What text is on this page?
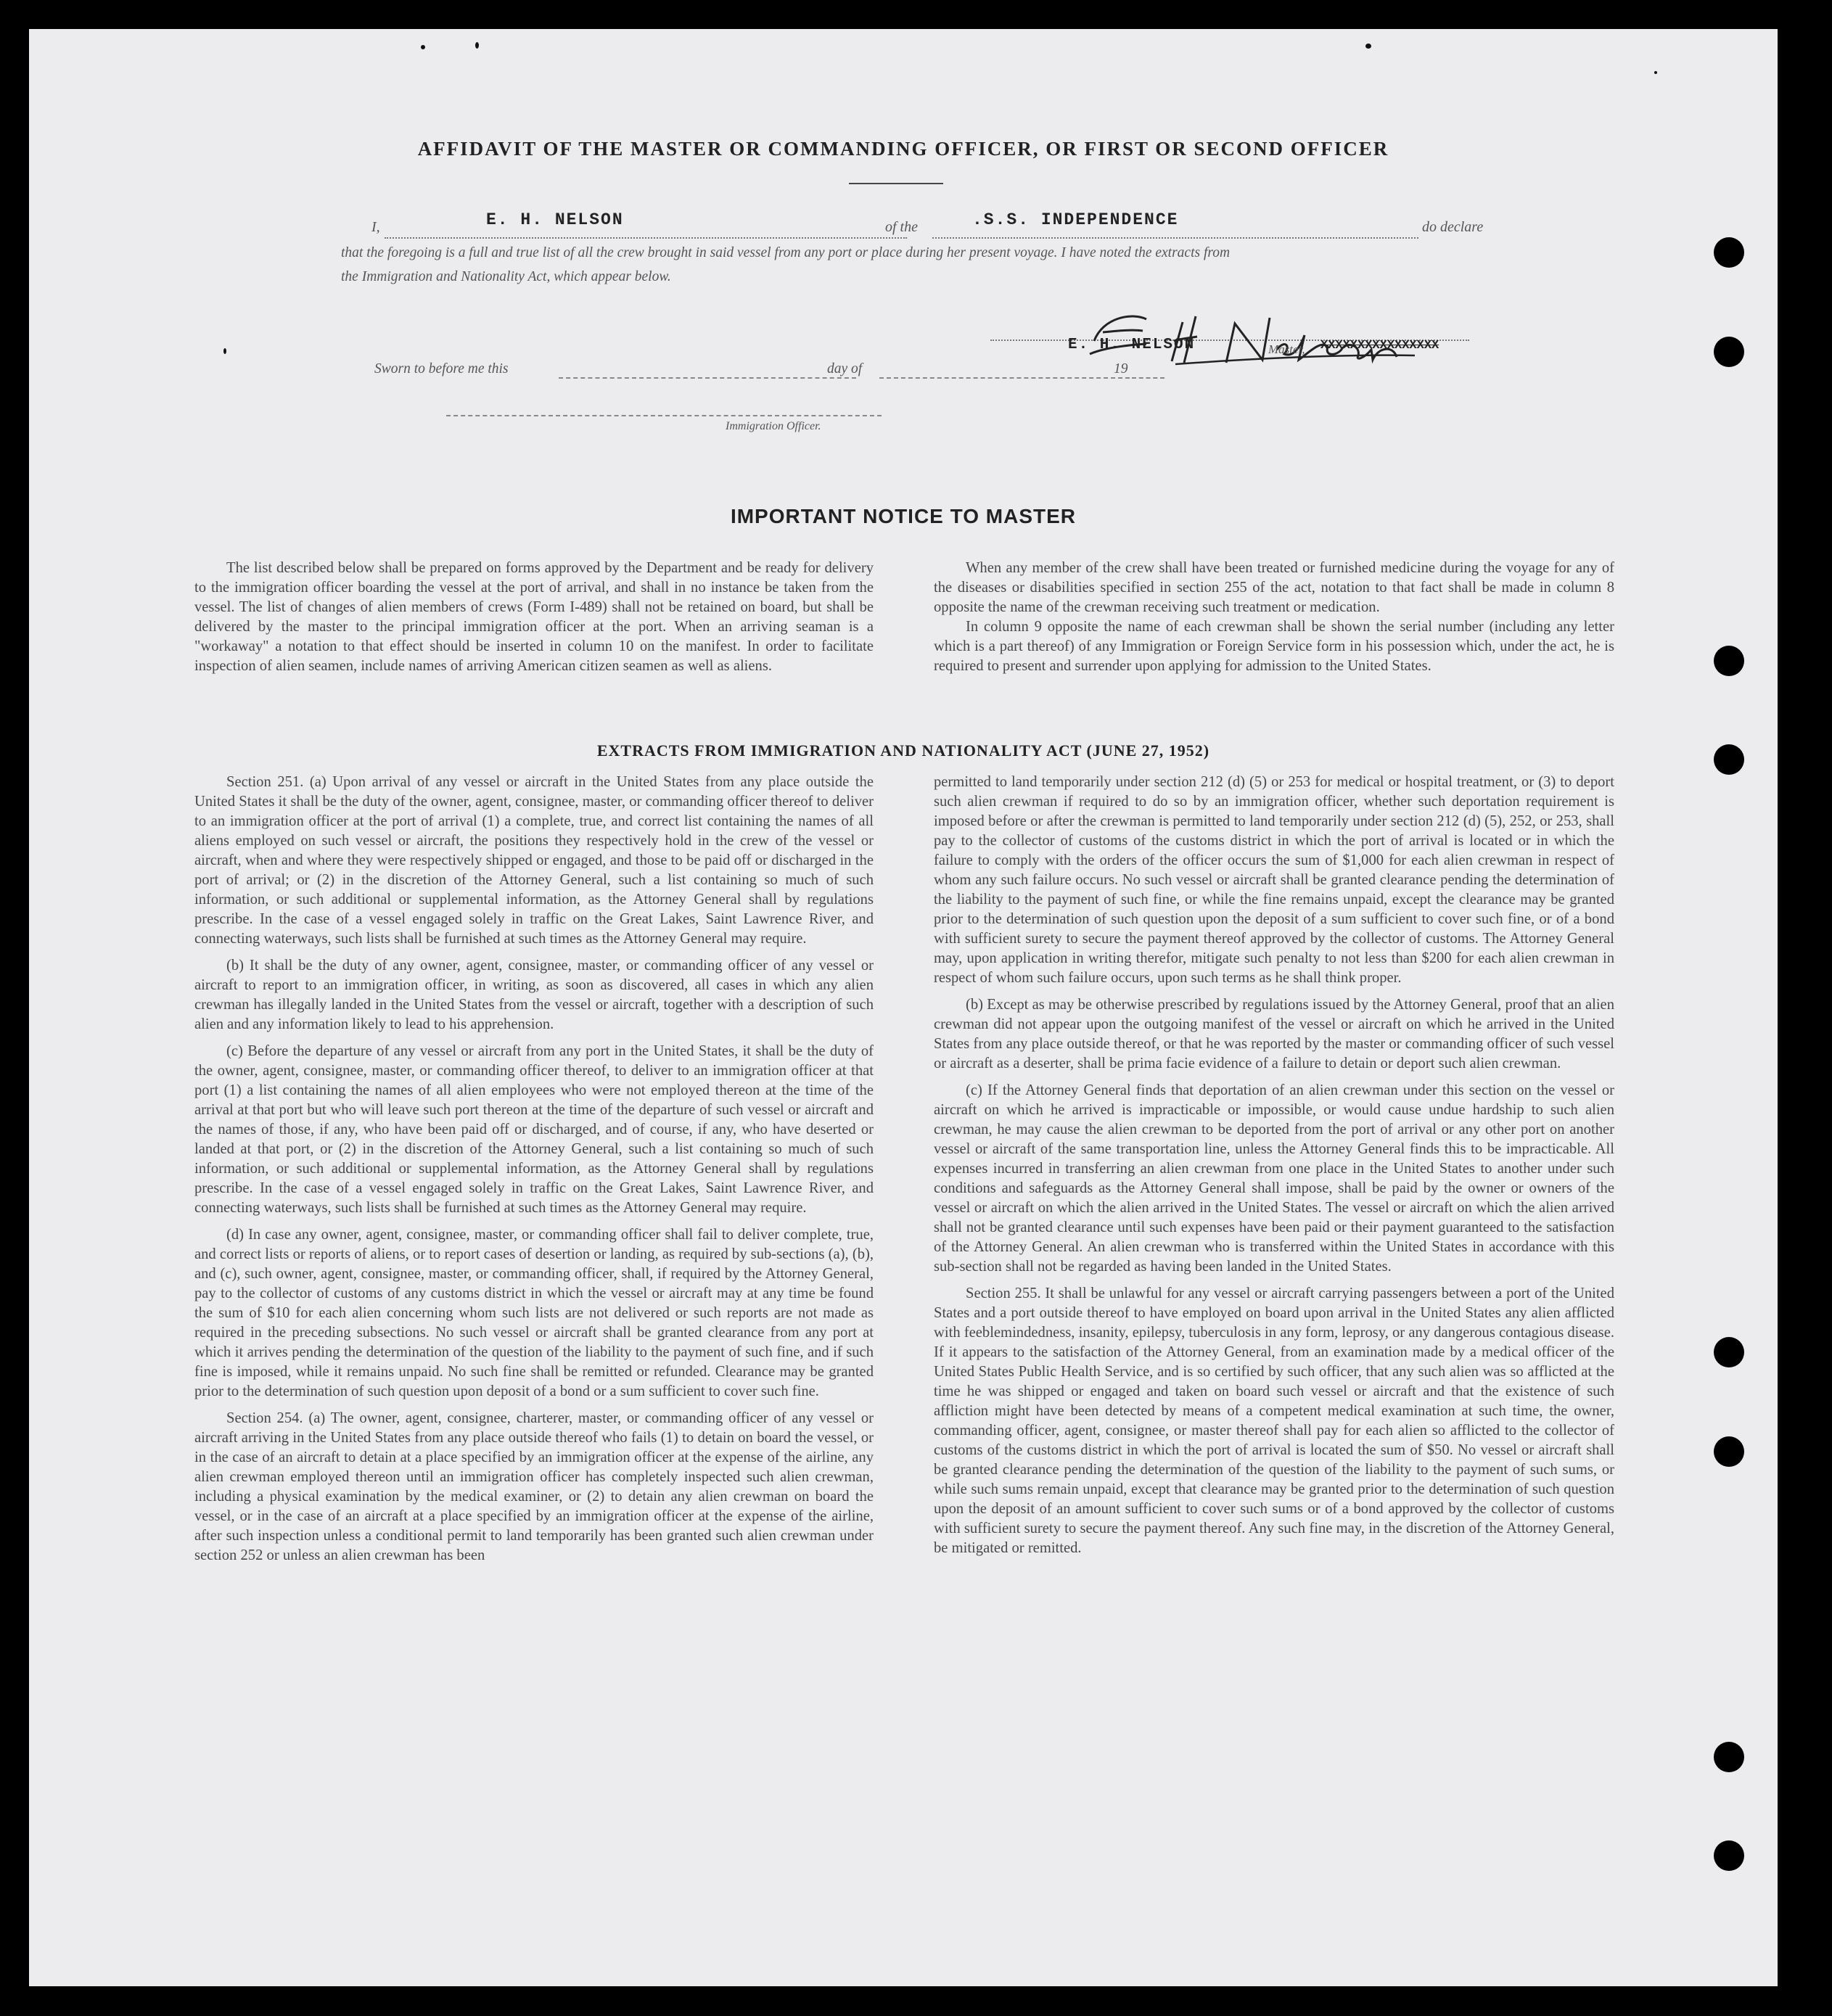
AFFIDAVIT OF THE MASTER OR COMMANDING OFFICER, OR FIRST OR SECOND OFFICER
I,	E. H. NELSON	of the	.S.S. INDEPENDENCE	do declare
that the foregoing is a full and true list of all the crew brought in said vessel from any port or place during her present voyage. I have noted the extracts from
the Immigration and Nationality Act, which appear below.
E. H. NELSON	Master, XXXXXXXXXXXXXXXX
Sworn to before me this	day of	19
Immigration Officer.
IMPORTANT NOTICE TO MASTER

The list described below shall be prepared on forms approved by the Department and be ready for delivery to the immigration officer boarding the vessel at the port of arrival, and shall in no instance be taken from the vessel. The list of changes of alien members of crews (Form I-489) shall not be retained on board, but shall be delivered by the master to the principal immigration officer at the port. When an arriving seaman is a "workaway" a notation to that effect should be inserted in column 10 on the manifest. In order to facilitate inspection of alien seamen, include names of arriving American citizen seamen as well as aliens.

When any member of the crew shall have been treated or furnished medicine during the voyage for any of the diseases or disabilities specified in section 255 of the act, notation to that fact shall be made in column 8 opposite the name of the crewman receiving such treatment or medication.

In column 9 opposite the name of each crewman shall be shown the serial number (including any letter which is a part thereof) of any Immigration or Foreign Service form in his possession which, under the act, he is required to present and surrender upon applying for admission to the United States.

EXTRACTS FROM IMMIGRATION AND NATIONALITY ACT (JUNE 27, 1952)

Section 251. (a) Upon arrival of any vessel or aircraft in the United States from any place outside the United States it shall be the duty of the owner, agent, consignee, master, or commanding officer thereof to deliver to an immigration officer at the port of arrival (1) a complete, true, and correct list containing the names of all aliens employed on such vessel or aircraft, the positions they respectively hold in the crew of the vessel or aircraft, when and where they were respectively shipped or engaged, and those to be paid off or discharged in the port of arrival; or (2) in the discretion of the Attorney General, such a list containing so much of such information, or such additional or supplemental information, as the Attorney General shall by regulations prescribe. In the case of a vessel engaged solely in traffic on the Great Lakes, Saint Lawrence River, and connecting waterways, such lists shall be furnished at such times as the Attorney General may require.

(b) It shall be the duty of any owner, agent, consignee, master, or commanding officer of any vessel or aircraft to report to an immigration officer, in writing, as soon as discovered, all cases in which any alien crewman has illegally landed in the United States from the vessel or aircraft, together with a description of such alien and any information likely to lead to his apprehension.

(c) Before the departure of any vessel or aircraft from any port in the United States, it shall be the duty of the owner, agent, consignee, master, or commanding officer thereof, to deliver to an immigration officer at that port (1) a list containing the names of all alien employees who were not employed thereon at the time of the arrival at that port but who will leave such port thereon at the time of the departure of such vessel or aircraft and the names of those, if any, who have been paid off or discharged, and of course, if any, who have deserted or landed at that port, or (2) in the discretion of the Attorney General, such a list containing so much of such information, or such additional or supplemental information, as the Attorney General shall by regulations prescribe. In the case of a vessel engaged solely in traffic on the Great Lakes, Saint Lawrence River, and connecting waterways, such lists shall be furnished at such times as the Attorney General may require.

(d) In case any owner, agent, consignee, master, or commanding officer shall fail to deliver complete, true, and correct lists or reports of aliens, or to report cases of desertion or landing, as required by sub-sections (a), (b), and (c), such owner, agent, consignee, master, or commanding officer, shall, if required by the Attorney General, pay to the collector of customs of any customs district in which the vessel or aircraft may at any time be found the sum of $10 for each alien concerning whom such lists are not delivered or such reports are not made as required in the preceding subsections. No such vessel or aircraft shall be granted clearance from any port at which it arrives pending the determination of the question of the liability to the payment of such fine, and if such fine is imposed, while it remains unpaid. No such fine shall be remitted or refunded. Clearance may be granted prior to the determination of such question upon deposit of a bond or a sum sufficient to cover such fine.

Section 254. (a) The owner, agent, consignee, charterer, master, or commanding officer of any vessel or aircraft arriving in the United States from any place outside thereof who fails (1) to detain on board the vessel, or in the case of an aircraft to detain at a place specified by an immigration officer at the expense of the airline, any alien crewman employed thereon until an immigration officer has completely inspected such alien crewman, including a physical examination by the medical examiner, or (2) to detain any alien crewman on board the vessel, or in the case of an aircraft at a place specified by an immigration officer at the expense of the airline, after such inspection unless a conditional permit to land temporarily has been granted such alien crewman under section 252 or unless an alien crewman has been

permitted to land temporarily under section 212 (d) (5) or 253 for medical or hospital treatment, or (3) to deport such alien crewman if required to do so by an immigration officer, whether such deportation requirement is imposed before or after the crewman is permitted to land temporarily under section 212 (d) (5), 252, or 253, shall pay to the collector of customs of the customs district in which the port of arrival is located or in which the failure to comply with the orders of the officer occurs the sum of $1,000 for each alien crewman in respect of whom any such failure occurs. No such vessel or aircraft shall be granted clearance pending the determination of the liability to the payment of such fine, or while the fine remains unpaid, except the clearance may be granted prior to the determination of such question upon the deposit of a sum sufficient to cover such fine, or of a bond with sufficient surety to secure the payment thereof approved by the collector of customs. The Attorney General may, upon application in writing therefor, mitigate such penalty to not less than $200 for each alien crewman in respect of whom such failure occurs, upon such terms as he shall think proper.

(b) Except as may be otherwise prescribed by regulations issued by the Attorney General, proof that an alien crewman did not appear upon the outgoing manifest of the vessel or aircraft on which he arrived in the United States from any place outside thereof, or that he was reported by the master or commanding officer of such vessel or aircraft as a deserter, shall be prima facie evidence of a failure to detain or deport such alien crewman.

(c) If the Attorney General finds that deportation of an alien crewman under this section on the vessel or aircraft on which he arrived is impracticable or impossible, or would cause undue hardship to such alien crewman, he may cause the alien crewman to be deported from the port of arrival or any other port on another vessel or aircraft of the same transportation line, unless the Attorney General finds this to be impracticable. All expenses incurred in transferring an alien crewman from one place in the United States to another under such conditions and safeguards as the Attorney General shall impose, shall be paid by the owner or owners of the vessel or aircraft on which the alien arrived in the United States. The vessel or aircraft on which the alien arrived shall not be granted clearance until such expenses have been paid or their payment guaranteed to the satisfaction of the Attorney General. An alien crewman who is transferred within the United States in accordance with this sub-section shall not be regarded as having been landed in the United States.

Section 255. It shall be unlawful for any vessel or aircraft carrying passengers between a port of the United States and a port outside thereof to have employed on board upon arrival in the United States any alien afflicted with feeblemindedness, insanity, epilepsy, tuberculosis in any form, leprosy, or any dangerous contagious disease. If it appears to the satisfaction of the Attorney General, from an examination made by a medical officer of the United States Public Health Service, and is so certified by such officer, that any such alien was so afflicted at the time he was shipped or engaged and taken on board such vessel or aircraft and that the existence of such affliction might have been detected by means of a competent medical examination at such time, the owner, commanding officer, agent, consignee, or master thereof shall pay for each alien so afflicted to the collector of customs of the customs district in which the port of arrival is located the sum of $50. No vessel or aircraft shall be granted clearance pending the determination of the question of the liability to the payment of such sums, or while such sums remain unpaid, except that clearance may be granted prior to the determination of such question upon the deposit of an amount sufficient to cover such sums or of a bond approved by the collector of customs with sufficient surety to secure the payment thereof. Any such fine may, in the discretion of the Attorney General, be mitigated or remitted.
